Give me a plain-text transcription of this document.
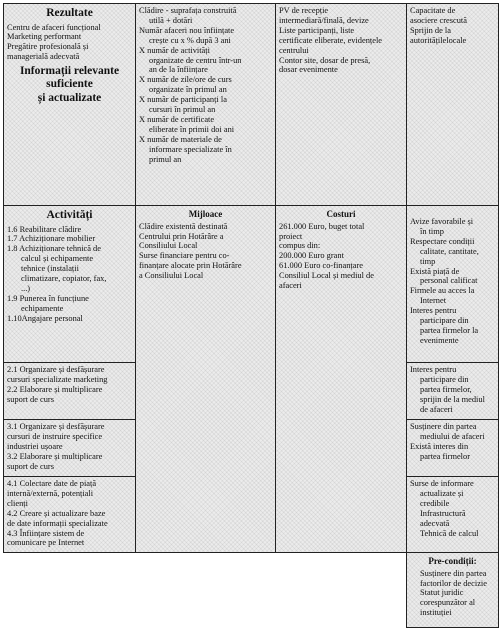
Rezultate
Centru de afaceri funcțional
Marketing performant
Pregătire profesională și
managerială adecvată
Informații relevante
suficiente
și actualizate
Clădire - suprafața construită
utilă + dotări
Număr afaceri nou înființate
crește cu x % după 3 ani
X număr de activități
organizate de centru într-un
an de la înființare
X număr de zile/ore de curs
organizate în primul an
X număr de participanți la
cursuri în primul an
X număr de certificate
eliberate în primii doi ani
X număr de materiale de
informare specializate în
primul an
PV de recepție
intermediară/finală, devize
Liste participanți, liste
certificate eliberate, evidențele
centrului
Contor site, dosar de presă,
dosar evenimente
Capacitate de
asociere crescută
Sprijin de la
autoritățilelocale
Activități
1.6 Reabilitare clădire
1.7 Achiziționare mobilier
1.8 Achiziționare tehnică de
calcul și echipamente
tehnice (instalații
climatizare, copiator, fax,
...)
1.9 Punerea în funcțiune
echipamente
1.10Angajare personal
Mijloace
Clădire existentă destinată
Centrului prin Hotărâre a
Consiliului Local
Surse financiare pentru co-
finanțare alocate prin Hotărâre
a Consiliului Local
Costuri
261.000 Euro, buget total
proiect
compus din:
200.000 Euro grant
61.000 Euro co-finanțare
Consiliul Local și mediul de
afaceri
Avize favorabile și
în timp
Respectare condiții
calitate, cantitate,
timp
Există piață de
personal calificat
Firmele au acces la
Internet
Interes pentru
participare din
partea firmelor la
evenimente
2.1 Organizare și desfășurare
cursuri specializate marketing
2.2 Elaborare și multiplicare
suport de curs
Interes pentru
participare din
partea firmelor,
sprijin de la mediul
de afaceri
3.1 Organizare și desfășurare
cursuri de instruire specifice
industriei ușoare
3.2 Elaborare și multiplicare
suport de curs
Susținere din partea
mediului de afaceri
Există interes din
partea firmelor
4.1 Colectare date de piață
internă/externă, potențiali
clienți
4.2 Creare și actualizare baze
de date informații specializate
4.3 Înființare sistem de
comunicare pe Internet
Surse de informare
actualizate și
credibile
Infrastructură
adecvată
Tehnică de calcul
Pre-condiții:
Susținere din partea
factorilor de decizie
Statut juridic
corespunzător al
instituției
